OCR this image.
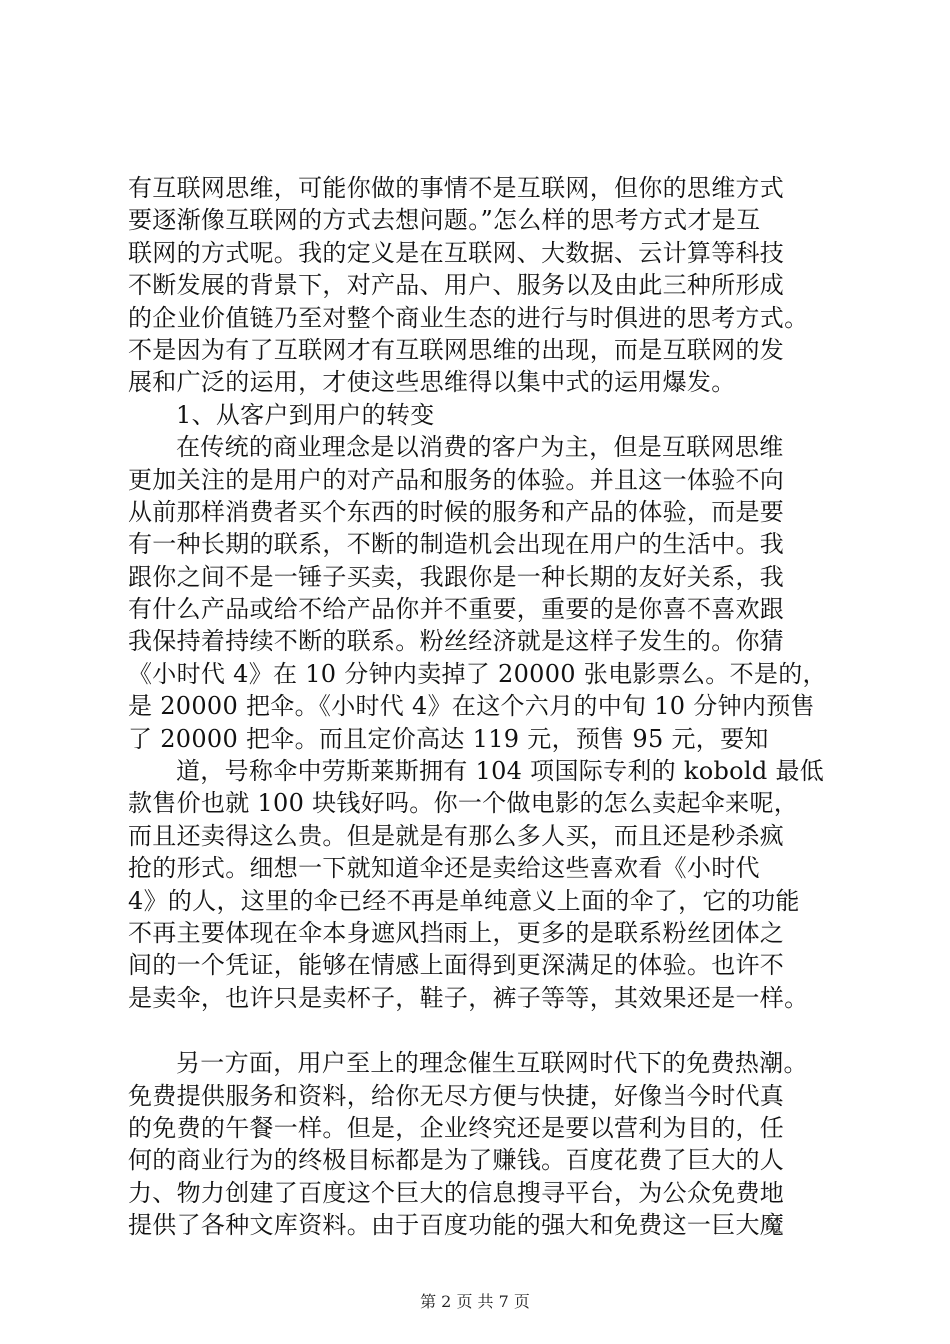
有互联网思维，可能你做的事情不是互联网，但你的思维方式
要逐渐像互联网的方式去想问题。”怎么样的思考方式才是互
联网的方式呢。我的定义是在互联网、大数据、云计算等科技
不断发展的背景下，对产品、用户、服务以及由此三种所形成
的企业价值链乃至对整个商业生态的进行与时俱进的思考方式。
不是因为有了互联网才有互联网思维的出现，而是互联网的发
展和广泛的运用，才使这些思维得以集中式的运用爆发。
1、从客户到用户的转变
在传统的商业理念是以消费的客户为主，但是互联网思维
更加关注的是用户的对产品和服务的体验。并且这一体验不向
从前那样消费者买个东西的时候的服务和产品的体验，而是要
有一种长期的联系，不断的制造机会出现在用户的生活中。我
跟你之间不是一锤子买卖，我跟你是一种长期的友好关系，我
有什么产品或给不给产品你并不重要，重要的是你喜不喜欢跟
我保持着持续不断的联系。粉丝经济就是这样子发生的。你猜
《小时代 4》在 10 分钟内卖掉了 20000 张电影票么。不是的，
是 20000 把伞。《小时代 4》在这个六月的中旬 10 分钟内预售
了 20000 把伞。而且定价高达 119 元，预售 95 元，要知
道，号称伞中劳斯莱斯拥有 104 项国际专利的 kobold 最低
款售价也就 100 块钱好吗。你一个做电影的怎么卖起伞来呢，
而且还卖得这么贵。但是就是有那么多人买，而且还是秒杀疯
抢的形式。细想一下就知道伞还是卖给这些喜欢看《小时代
4》的人，这里的伞已经不再是单纯意义上面的伞了，它的功能
不再主要体现在伞本身遮风挡雨上，更多的是联系粉丝团体之
间的一个凭证，能够在情感上面得到更深满足的体验。也许不
是卖伞，也许只是卖杯子，鞋子，裤子等等，其效果还是一样。
另一方面，用户至上的理念催生互联网时代下的免费热潮。
免费提供服务和资料，给你无尽方便与快捷，好像当今时代真
的免费的午餐一样。但是，企业终究还是要以营利为目的，任
何的商业行为的终极目标都是为了赚钱。百度花费了巨大的人
力、物力创建了百度这个巨大的信息搜寻平台，为公众免费地
提供了各种文库资料。由于百度功能的强大和免费这一巨大魔
第 2 页 共 7 页
